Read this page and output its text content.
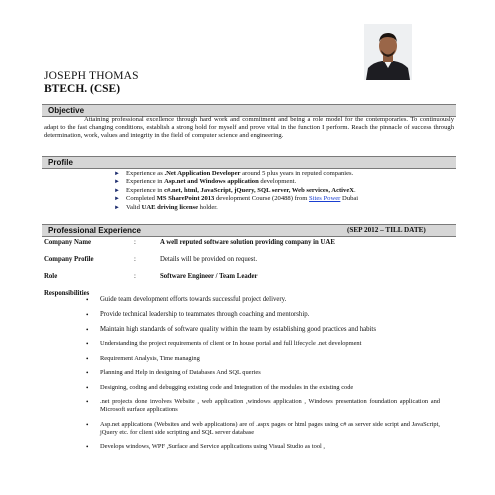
JOSEPH THOMAS
BTECH. (CSE)
Objective
Attaining professional excellence through hard work and commitment and being a role model for the contemporaries. To continuously adapt to the fast changing conditions, establish a strong hold for myself and prove vital in the function I perform. Reach the pinnacle of success through determination, work, values and integrity in the field of computer science and engineering.
Profile
► Experience as .Net Application Developer around 5 plus years in reputed companies.
► Experience in Asp.net and Windows application development.
► Experience in c#.net, html, JavaScript, jQuery, SQL server, Web services, ActiveX.
► Completed MS SharePoint 2013 development Course (20488) from Sites Power Dubai
► Valid UAE driving license holder.
Professional Experience	(SEP 2012 – TILL DATE)
Company Name	:	A well reputed software solution providing company in UAE
Company Profile	:	Details will be provided on request.
Role	:	Software Engineer / Team Leader
Responsibilities
• Guide team development efforts towards successful project delivery.
• Provide technical leadership to teammates through coaching and mentorship.
• Maintain high standards of software quality within the team by establishing good practices and habits
• Understanding the project requirements of client or In house portal and full lifecycle .net development
• Requirement Analysis, Time managing
• Planning and Help in designing of Databases And SQL queries
• Designing, coding and debugging existing code and Integration of the modules in the existing code
• .net projects done involves Website , web application ,windows application , Windows presentation foundation application and Microsoft surface applications
• Asp.net applications (Websites and web applications) are of .aspx pages or html pages using c# as server side script and JavaScript, jQuery etc. for client side scripting and SQL server database
• Develops windows, WPF ,Surface and Service applications using Visual Studio as tool ,
